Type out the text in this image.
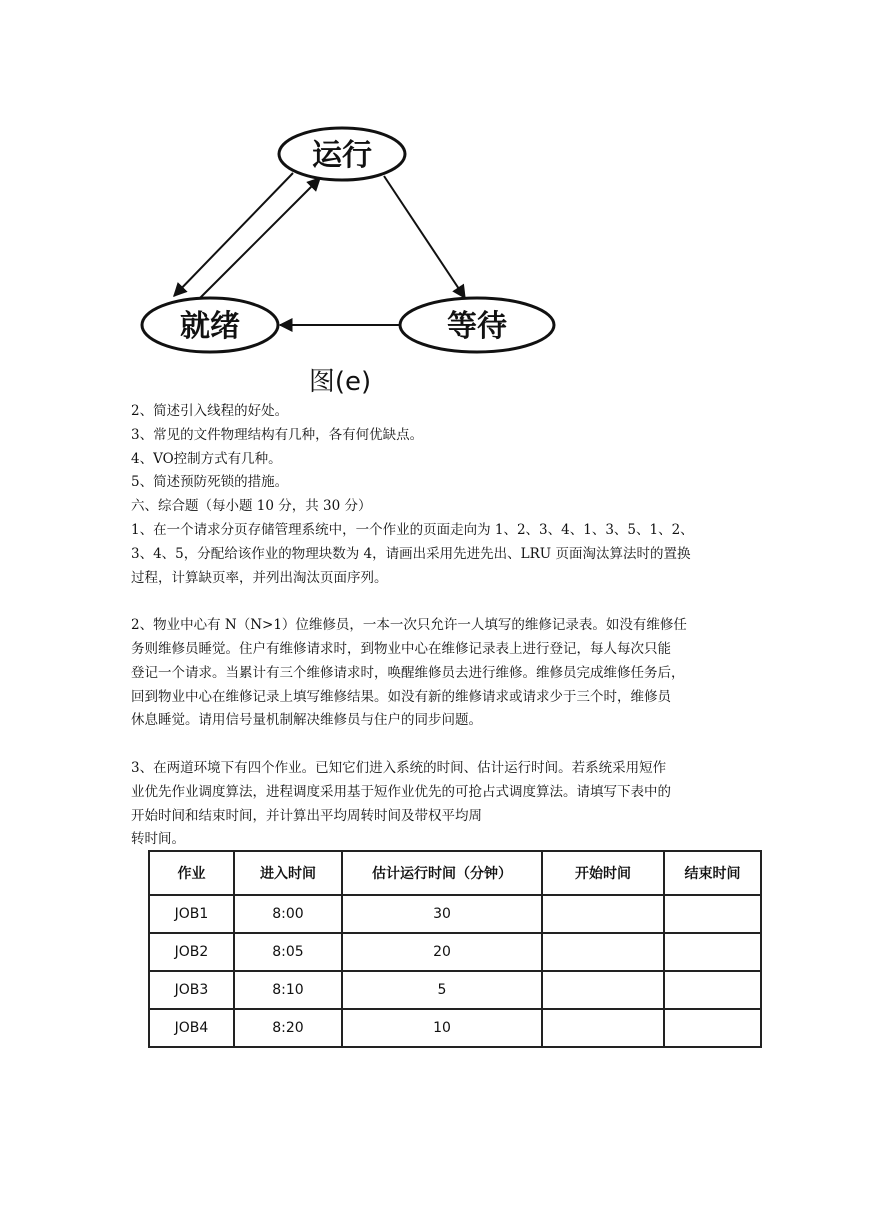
运行
就绪	等待
图(e)

2、简述引入线程的好处。

3、常见的文件物理结构有几种，各有何优缺点。

4、VO控制方式有几种。

5、简述预防死锁的措施。

六、综合题（每小题 10 分，共 30 分）

1、在一个请求分页存储管理系统中，一个作业的页面走向为 1、2、3、4、1、3、5、1、2、

3、4、5，分配给该作业的物理块数为 4，请画出采用先进先出、LRU 页面淘汰算法时的置换

过程，计算缺页率，并列出淘汰页面序列。

2、物业中心有 N（N>1）位维修员，一本一次只允许一人填写的维修记录表。如没有维修任

务则维修员睡觉。住户有维修请求时，到物业中心在维修记录表上进行登记，每人每次只能

登记一个请求。当累计有三个维修请求时，唤醒维修员去进行维修。维修员完成维修任务后，

回到物业中心在维修记录上填写维修结果。如没有新的维修请求或请求少于三个时，维修员

休息睡觉。请用信号量机制解决维修员与住户的同步问题。

3、在两道环境下有四个作业。已知它们进入系统的时间、估计运行时间。若系统采用短作

业优先作业调度算法，进程调度采用基于短作业优先的可抢占式调度算法。请填写下表中的

开始时间和结束时间，并计算出平均周转时间及带权平均周

转时间。

作业	进入时间	估计运行时间（分钟）	开始时间	结束时间
JOB1	8:00	30		
JOB2	8:05	20		
JOB3	8:10	5		
JOB4	8:20	10		
